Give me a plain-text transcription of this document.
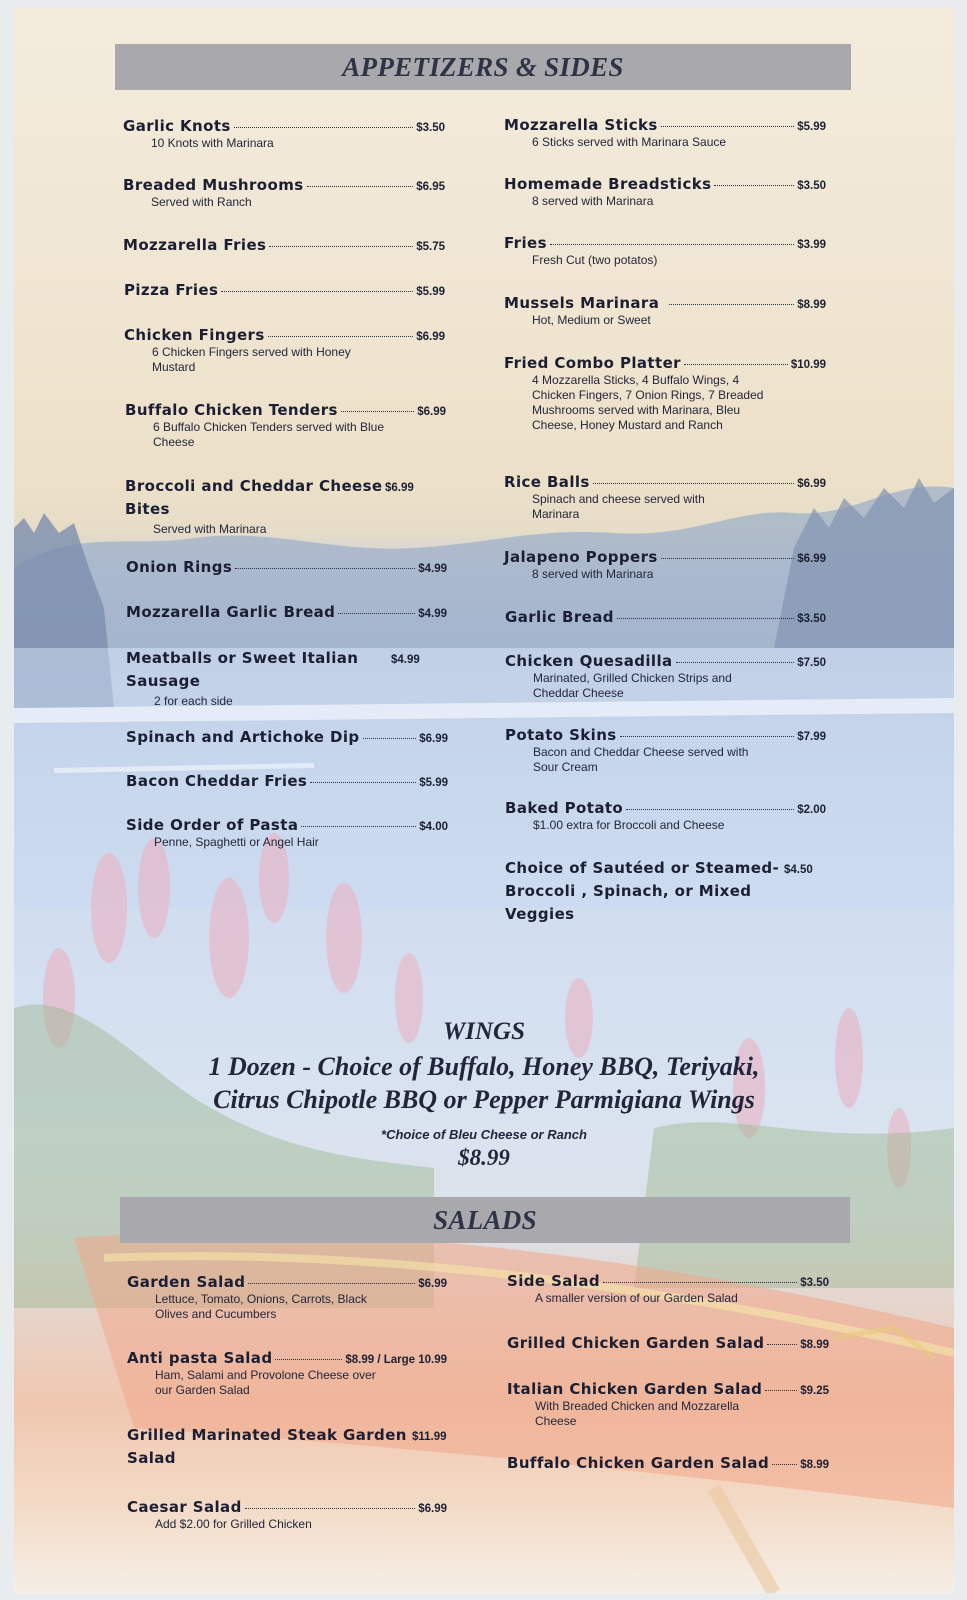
APPETIZERS & SIDES
Garlic Knots	$3.50
10 Knots with Marinara
Breaded Mushrooms	$6.95
Served with Ranch
Mozzarella Fries	$5.75
Pizza Fries	$5.99
Chicken Fingers	$6.99
6 Chicken Fingers served with Honey Mustard
Buffalo Chicken Tenders	$6.99
6 Buffalo Chicken Tenders served with Blue Cheese
Broccoli and Cheddar Cheese Bites
$6.99
Served with Marinara
Onion Rings	$4.99
Mozzarella Garlic Bread	$4.99
Meatballs or Sweet Italian Sausage
$4.99
2 for each side
Spinach and Artichoke Dip	$6.99
Bacon Cheddar Fries	$5.99
Side Order of Pasta	$4.00
Penne, Spaghetti or Angel Hair
Mozzarella Sticks	$5.99
6 Sticks served with Marinara Sauce
Homemade Breadsticks	$3.50
8 served with Marinara
Fries	$3.99
Fresh Cut (two potatos)
Mussels Marinara	$8.99
Hot, Medium or Sweet
Fried Combo Platter	$10.99
4 Mozzarella Sticks, 4 Buffalo Wings, 4 Chicken Fingers, 7 Onion Rings, 7 Breaded Mushrooms served with Marinara, Bleu Cheese, Honey Mustard and Ranch
Rice Balls	$6.99
Spinach and cheese served with Marinara
Jalapeno Poppers	$6.99
8 served with Marinara
Garlic Bread	$3.50
Chicken Quesadilla	$7.50
Marinated, Grilled Chicken Strips and Cheddar Cheese
Potato Skins	$7.99
Bacon and Cheddar Cheese served with Sour Cream
Baked Potato	$2.00
$1.00 extra for Broccoli and Cheese
Choice of Sautéed or Steamed- Broccoli , Spinach, or Mixed Veggies
$4.50
WINGS
1 Dozen - Choice of Buffalo, Honey BBQ, Teriyaki,
Citrus Chipotle BBQ or Pepper Parmigiana Wings
*Choice of Bleu Cheese or Ranch
$8.99
SALADS
Garden Salad	$6.99
Lettuce, Tomato, Onions, Carrots, Black Olives and Cucumbers
Anti pasta Salad	$8.99 / Large 10.99
Ham, Salami and Provolone Cheese over our Garden Salad
Grilled Marinated Steak Garden Salad
$11.99
Caesar Salad	$6.99
Add $2.00 for Grilled Chicken
Side Salad	$3.50
A smaller version of our Garden Salad
Grilled Chicken Garden Salad	$8.99
Italian Chicken Garden Salad	$9.25
With Breaded Chicken and Mozzarella Cheese
Buffalo Chicken Garden Salad	$8.99
